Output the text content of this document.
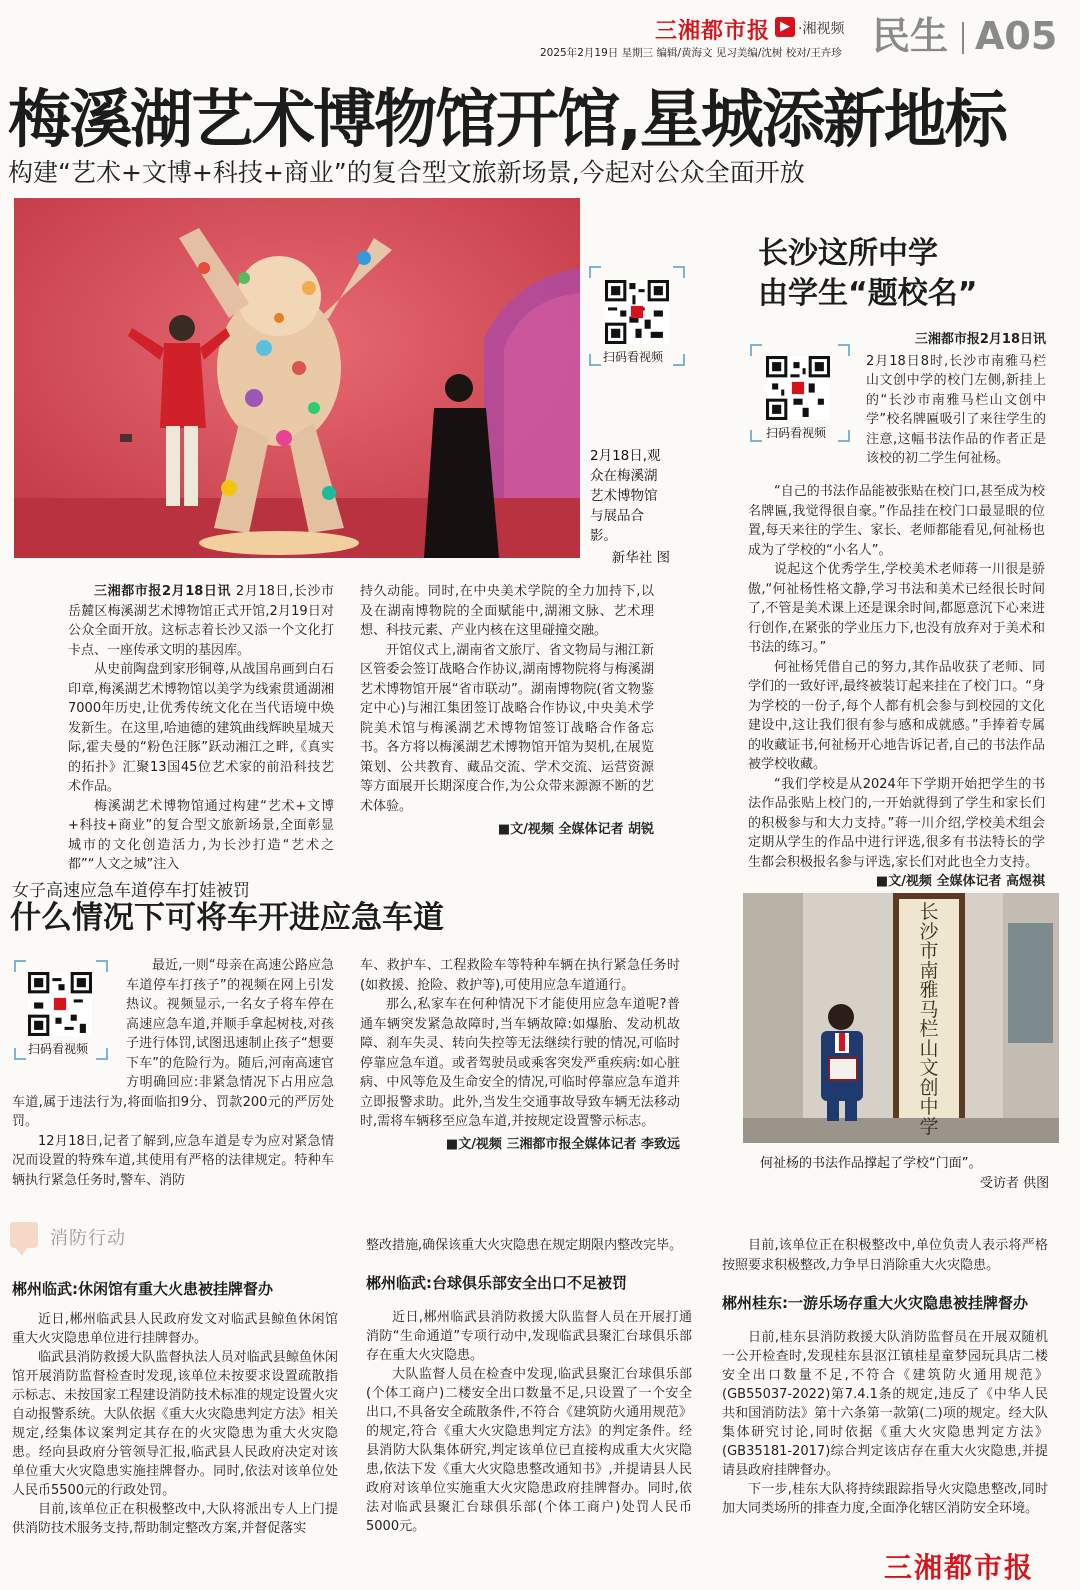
三湘都市报 ▶ ·湘视频 民生 A05
2025年2月19日 星期三 编辑/黄海文 见习美编/沈树 校对/王卉珍
梅溪湖艺术博物馆开馆,星城添新地标
构建“艺术+文博+科技+商业”的复合型文旅新场景,今起对公众全面开放
2月18日,观众在梅溪湖艺术博物馆与展品合影。
新华社 图
扫码看视频

三湘都市报2月18日讯 2月18日,长沙市岳麓区梅溪湖艺术博物馆正式开馆,2月19日对公众全面开放。这标志着长沙又添一个文化打卡点、一座传承文明的基因库。

从史前陶盘到家形铜尊,从战国帛画到白石印章,梅溪湖艺术博物馆以美学为线索贯通湖湘7000年历史,让优秀传统文化在当代语境中焕发新生。在这里,哈迪德的建筑曲线辉映星城天际,霍夫曼的“粉色汪豚”跃动湘江之畔,《真实的拓扑》汇聚13国45位艺术家的前沿科技艺术作品。

梅溪湖艺术博物馆通过构建“艺术+文博+科技+商业”的复合型文旅新场景,全面彰显城市的文化创造活力,为长沙打造“艺术之都”“人文之城”注入

持久动能。同时,在中央美术学院的全力加持下,以及在湖南博物院的全面赋能中,湖湘文脉、艺术理想、科技元素、产业内核在这里碰撞交融。

开馆仪式上,湖南省文旅厅、省文物局与湘江新区管委会签订战略合作协议,湖南博物院将与梅溪湖艺术博物馆开展“省市联动”。湖南博物院(省文物鉴定中心)与湘江集团签订战略合作协议,中央美术学院美术馆与梅溪湖艺术博物馆签订战略合作备忘书。各方将以梅溪湖艺术博物馆开馆为契机,在展览策划、公共教育、藏品交流、学术交流、运营资源等方面展开长期深度合作,为公众带来源源不断的艺术体验。

■文/视频 全媒体记者 胡锐
长沙这所中学
由学生“题校名”
扫码看视频
三湘都市报2月18日讯
2月18日8时,长沙市南雅马栏山文创中学的校门左侧,新挂上的“长沙市南雅马栏山文创中学”校名牌匾吸引了来往学生的注意,这幅书法作品的作者正是该校的初二学生何祉杨。

“自己的书法作品能被张贴在校门口,甚至成为校名牌匾,我觉得很自豪。”作品挂在校门口最显眼的位置,每天来往的学生、家长、老师都能看见,何祉杨也成为了学校的“小名人”。

说起这个优秀学生,学校美术老师蒋一川很是骄傲,“何祉杨性格文静,学习书法和美术已经很长时间了,不管是美术课上还是课余时间,都愿意沉下心来进行创作,在紧张的学业压力下,也没有放弃对于美术和书法的练习。”

何祉杨凭借自己的努力,其作品收获了老师、同学们的一致好评,最终被装订起来挂在了校门口。“身为学校的一份子,每个人都有机会参与到校园的文化建设中,这让我们很有参与感和成就感。”手捧着专属的收藏证书,何祉杨开心地告诉记者,自己的书法作品被学校收藏。

“我们学校是从2024年下学期开始把学生的书法作品张贴上校门的,一开始就得到了学生和家长们的积极参与和大力支持。”蒋一川介绍,学校美术组会定期从学生的作品中进行评选,很多有书法特长的学生都会积极报名参与评选,家长们对此也全力支持。

■文/视频 全媒体记者 高煜祺
长沙市南雅马栏山文创中学
何祉杨的书法作品撑起了学校“门面”。
受访者 供图
女子高速应急车道停车打娃被罚
什么情况下可将车开进应急车道
扫码看视频

最近,一则“母亲在高速公路应急车道停车打孩子”的视频在网上引发热议。视频显示,一名女子将车停在高速应急车道,并顺手拿起树枝,对孩子进行体罚,试图迅速制止孩子“想要下车”的危险行为。随后,河南高速官方明确回应:非紧急情况下占用应急车道,属于违法行为,将面临扣9分、罚款200元的严厉处罚。

12月18日,记者了解到,应急车道是专为应对紧急情况而设置的特殊车道,其使用有严格的法律规定。特种车辆执行紧急任务时,警车、消防

车、救护车、工程救险车等特种车辆在执行紧急任务时(如救援、抢险、救护等),可使用应急车道通行。

那么,私家车在何种情况下才能使用应急车道呢?普通车辆突发紧急故障时,当车辆故障:如爆胎、发动机故障、刹车失灵、转向失控等无法继续行驶的情况,可临时停靠应急车道。或者驾驶员或乘客突发严重疾病:如心脏病、中风等危及生命安全的情况,可临时停靠应急车道并立即报警求助。此外,当发生交通事故导致车辆无法移动时,需将车辆移至应急车道,并按规定设置警示标志。

■文/视频 三湘都市报全媒体记者 李致远
消防行动
郴州临武:休闲馆有重大火患被挂牌督办

近日,郴州临武县人民政府发文对临武县鲸鱼休闲馆重大火灾隐患单位进行挂牌督办。

临武县消防救援大队监督执法人员对临武县鲸鱼休闲馆开展消防监督检查时发现,该单位未按要求设置疏散指示标志、未按国家工程建设消防技术标准的规定设置火灾自动报警系统。大队依据《重大火灾隐患判定方法》相关规定,经集体议案判定其存在的火灾隐患为重大火灾隐患。经向县政府分管领导汇报,临武县人民政府决定对该单位重大火灾隐患实施挂牌督办。同时,依法对该单位处人民币5500元的行政处罚。

目前,该单位正在积极整改中,大队将派出专人上门提供消防技术服务支持,帮助制定整改方案,并督促落实

整改措施,确保该重大火灾隐患在规定期限内整改完毕。
郴州临武:台球俱乐部安全出口不足被罚

近日,郴州临武县消防救援大队监督人员在开展打通消防“生命通道”专项行动中,发现临武县聚汇台球俱乐部存在重大火灾隐患。

大队监督人员在检查中发现,临武县聚汇台球俱乐部(个体工商户)二楼安全出口数量不足,只设置了一个安全出口,不具备安全疏散条件,不符合《建筑防火通用规范》的规定,符合《重大火灾隐患判定方法》的判定条件。经县消防大队集体研究,判定该单位已直接构成重大火灾隐患,依法下发《重大火灾隐患整改通知书》,并提请县人民政府对该单位实施重大火灾隐患政府挂牌督办。同时,依法对临武县聚汇台球俱乐部(个体工商户)处罚人民币5000元。

目前,该单位正在积极整改中,单位负责人表示将严格按照要求积极整改,力争早日消除重大火灾隐患。
郴州桂东:一游乐场存重大火灾隐患被挂牌督办

日前,桂东县消防救援大队消防监督员在开展双随机一公开检查时,发现桂东县沤江镇桂星童梦园玩具店二楼安全出口数量不足,不符合《建筑防火通用规范》(GB55037-2022)第7.4.1条的规定,违反了《中华人民共和国消防法》第十六条第一款第(二)项的规定。经大队集体研究讨论,同时依据《重大火灾隐患判定方法》(GB35181-2017)综合判定该店存在重大火灾隐患,并提请县政府挂牌督办。

下一步,桂东大队将持续跟踪指导火灾隐患整改,同时加大同类场所的排查力度,全面净化辖区消防安全环境。

三湘都市报
